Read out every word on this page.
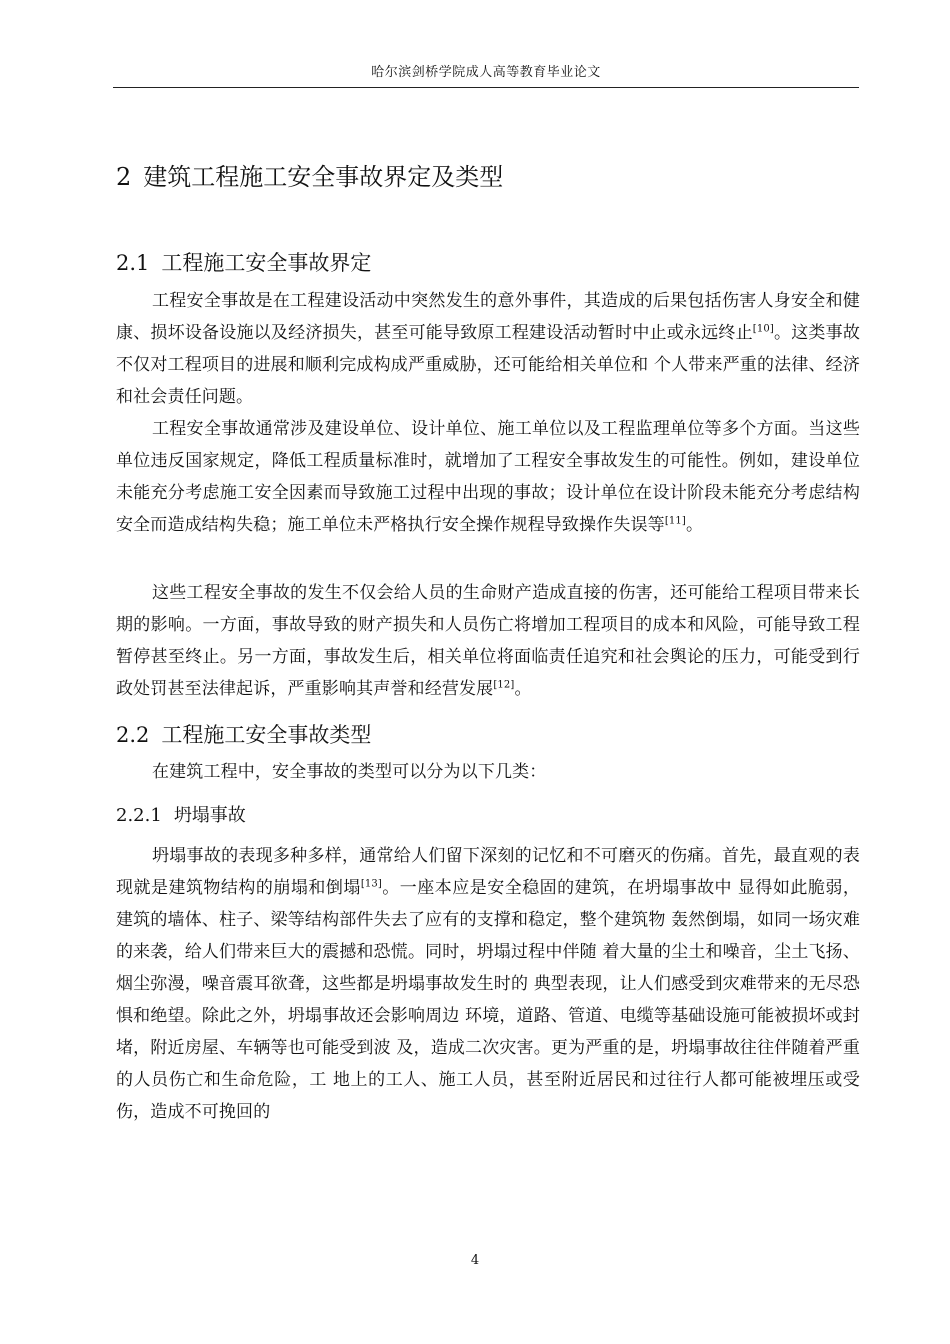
哈尔滨剑桥学院成人高等教育毕业论文
2 建筑工程施工安全事故界定及类型
2.1 工程施工安全事故界定

工程安全事故是在工程建设活动中突然发生的意外事件，其造成的后果包括伤害人身安全和健康、损坏设备设施以及经济损失，甚至可能导致原工程建设活动暂时中止或永远终止[10]。这类事故不仅对工程项目的进展和顺利完成构成严重威胁，还可能给相关单位和 个人带来严重的法律、经济和社会责任问题。

工程安全事故通常涉及建设单位、设计单位、施工单位以及工程监理单位等多个方面。当这些单位违反国家规定，降低工程质量标准时，就增加了工程安全事故发生的可能性。例如，建设单位未能充分考虑施工安全因素而导致施工过程中出现的事故；设计单位在设计阶段未能充分考虑结构安全而造成结构失稳；施工单位未严格执行安全操作规程导致操作失误等[11]。

这些工程安全事故的发生不仅会给人员的生命财产造成直接的伤害，还可能给工程项目带来长期的影响。一方面，事故导致的财产损失和人员伤亡将增加工程项目的成本和风险，可能导致工程暂停甚至终止。另一方面，事故发生后，相关单位将面临责任追究和社会舆论的压力，可能受到行政处罚甚至法律起诉，严重影响其声誉和经营发展[12]。

2.2 工程施工安全事故类型

在建筑工程中，安全事故的类型可以分为以下几类：

2.2.1 坍塌事故

坍塌事故的表现多种多样，通常给人们留下深刻的记忆和不可磨灭的伤痛。首先，最直观的表现就是建筑物结构的崩塌和倒塌[13]。一座本应是安全稳固的建筑，在坍塌事故中 显得如此脆弱，建筑的墙体、柱子、梁等结构部件失去了应有的支撑和稳定，整个建筑物 轰然倒塌，如同一场灾难的来袭，给人们带来巨大的震撼和恐慌。同时，坍塌过程中伴随 着大量的尘土和噪音，尘土飞扬、烟尘弥漫，噪音震耳欲聋，这些都是坍塌事故发生时的 典型表现，让人们感受到灾难带来的无尽恐惧和绝望。除此之外，坍塌事故还会影响周边 环境，道路、管道、电缆等基础设施可能被损坏或封堵，附近房屋、车辆等也可能受到波 及，造成二次灾害。更为严重的是，坍塌事故往往伴随着严重的人员伤亡和生命危险，工 地上的工人、施工人员，甚至附近居民和过往行人都可能被埋压或受伤，造成不可挽回的

4
